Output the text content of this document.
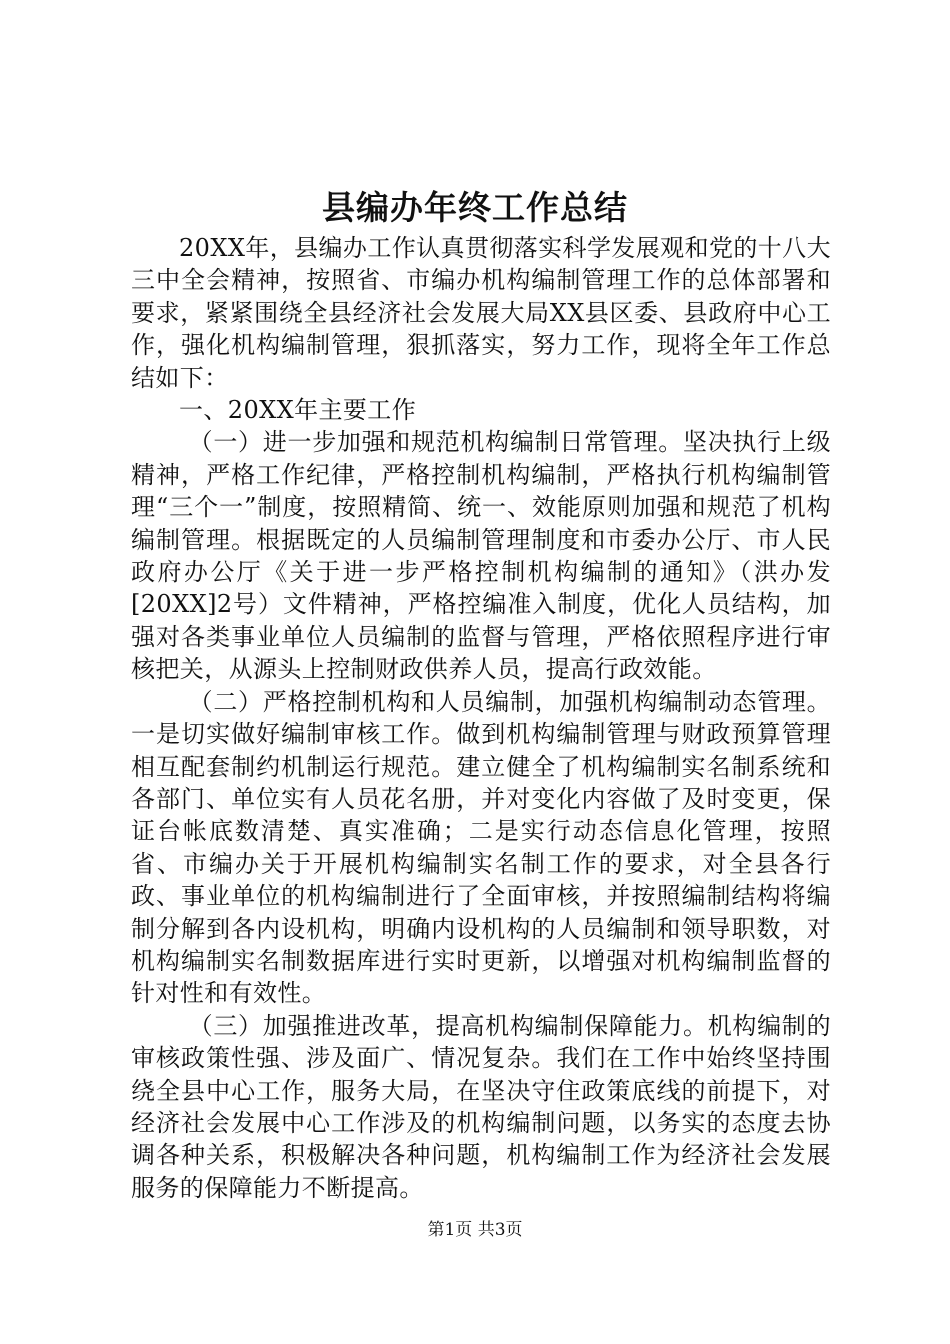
县编办年终工作总结

20XX年，县编办工作认真贯彻落实科学发展观和党的十八大三中全会精神，按照省、市编办机构编制管理工作的总体部署和要求，紧紧围绕全县经济社会发展大局XX县区委、县政府中心工作，强化机构编制管理，狠抓落实，努力工作，现将全年工作总结如下：

一、20XX年主要工作

（一）进一步加强和规范机构编制日常管理。坚决执行上级精神，严格工作纪律，严格控制机构编制，严格执行机构编制管理“三个一”制度，按照精简、统一、效能原则加强和规范了机构编制管理。根据既定的人员编制管理制度和市委办公厅、市人民政府办公厅《关于进一步严格控制机构编制的通知》（洪办发[20XX]2号）文件精神，严格控编准入制度，优化人员结构，加强对各类事业单位人员编制的监督与管理，严格依照程序进行审核把关，从源头上控制财政供养人员，提高行政效能。

（二）严格控制机构和人员编制，加强机构编制动态管理。一是切实做好编制审核工作。做到机构编制管理与财政预算管理相互配套制约机制运行规范。建立健全了机构编制实名制系统和各部门、单位实有人员花名册，并对变化内容做了及时变更，保证台帐底数清楚、真实准确；二是实行动态信息化管理，按照省、市编办关于开展机构编制实名制工作的要求，对全县各行政、事业单位的机构编制进行了全面审核，并按照编制结构将编制分解到各内设机构，明确内设机构的人员编制和领导职数，对机构编制实名制数据库进行实时更新，以增强对机构编制监督的针对性和有效性。

（三）加强推进改革，提高机构编制保障能力。机构编制的审核政策性强、涉及面广、情况复杂。我们在工作中始终坚持围绕全县中心工作，服务大局，在坚决守住政策底线的前提下，对经济社会发展中心工作涉及的机构编制问题，以务实的态度去协调各种关系，积极解决各种问题，机构编制工作为经济社会发展服务的保障能力不断提高。

第1页 共3页
